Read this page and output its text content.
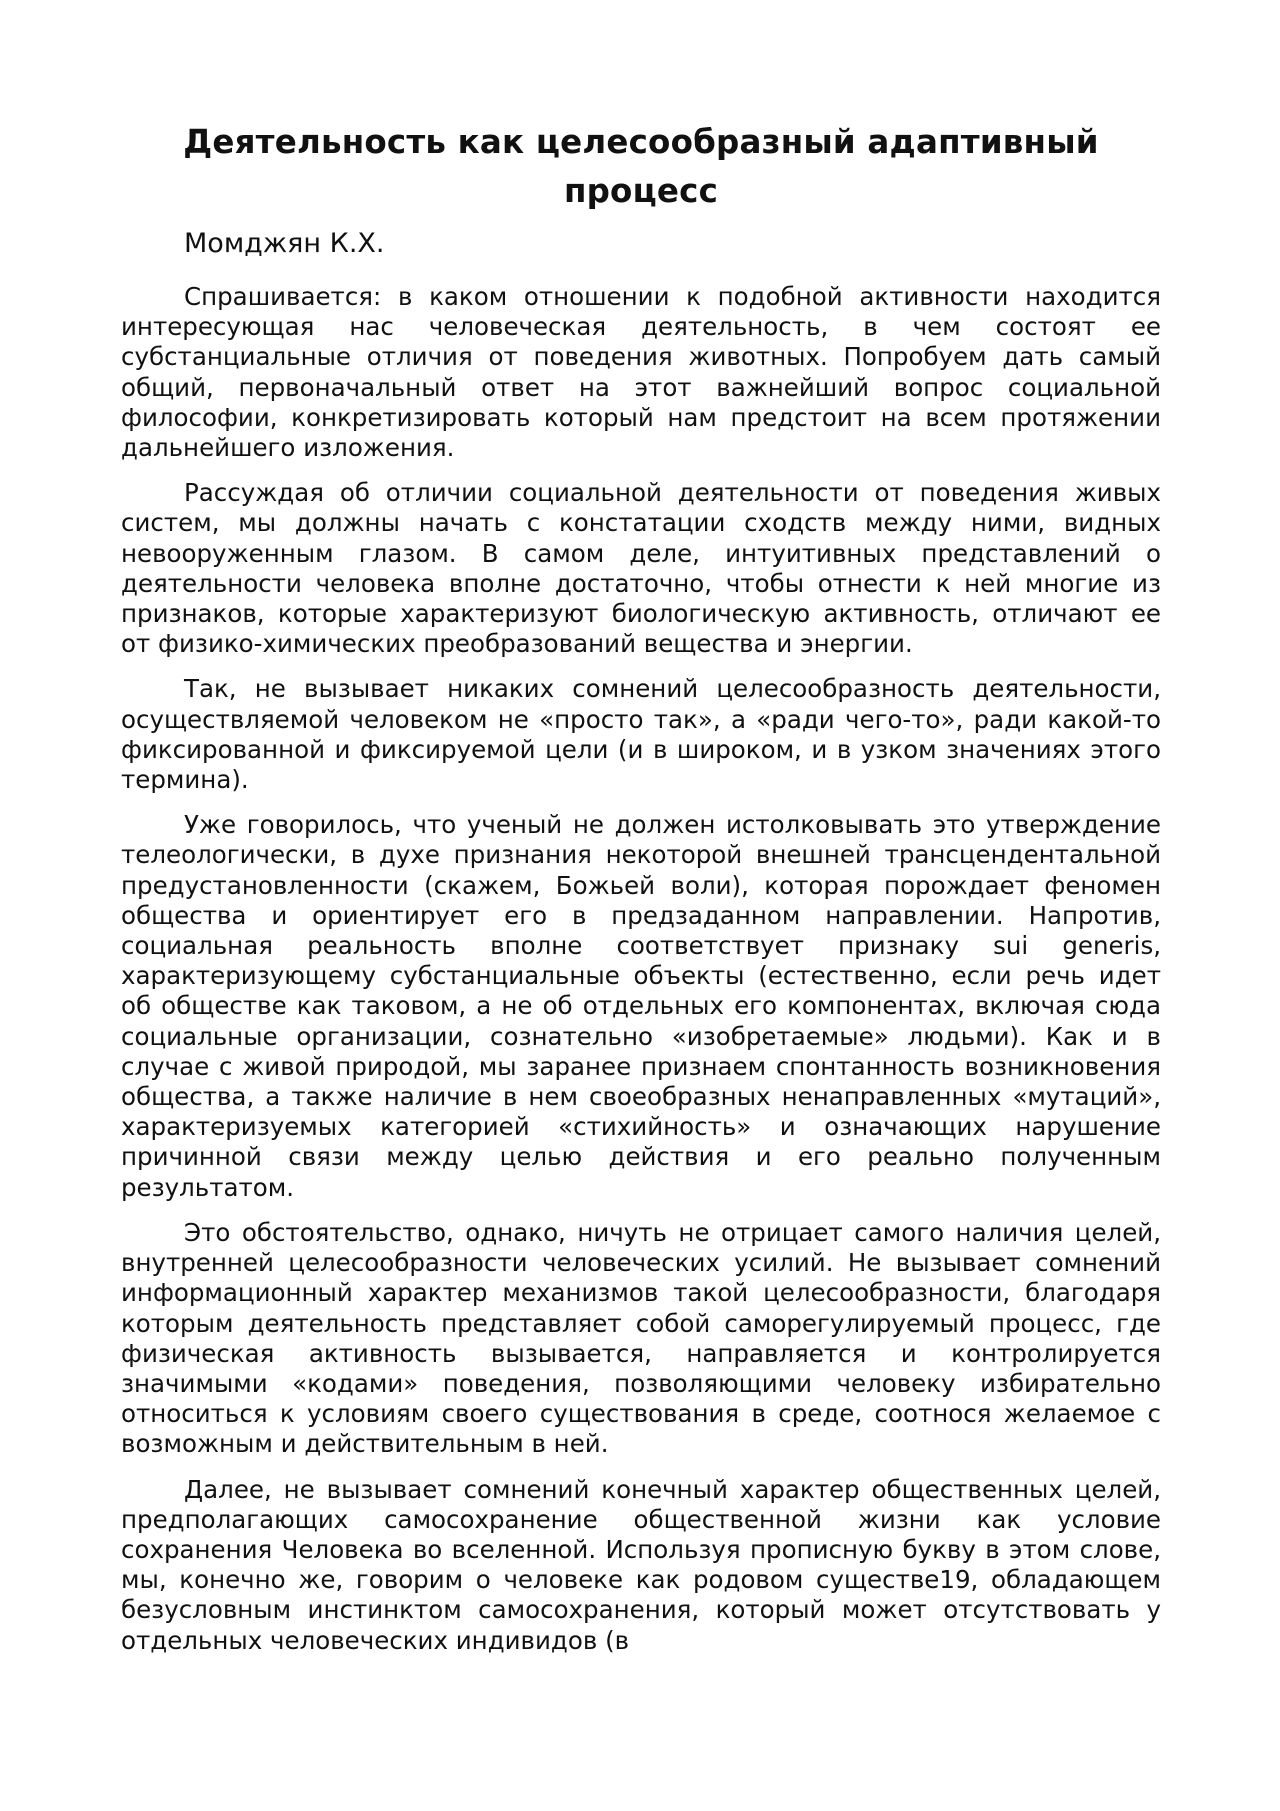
Деятельность как целесообразный адаптивный процесс
Момджян К.Х.

Спрашивается: в каком отношении к подобной активности находится интересующая нас человеческая деятельность, в чем состоят ее субстанциальные отличия от поведения животных. Попробуем дать самый общий, первоначальный ответ на этот важнейший вопрос социальной философии, конкретизировать который нам предстоит на всем протяжении дальнейшего изложения.

Рассуждая об отличии социальной деятельности от поведения живых систем, мы должны начать с констатации сходств между ними, видных невооруженным глазом. В самом деле, интуитивных представлений о деятельности человека вполне достаточно, чтобы отнести к ней многие из признаков, которые характеризуют биологическую активность, отличают ее от физико-химических преобразований вещества и энергии.

Так, не вызывает никаких сомнений целесообразность деятельности, осуществляемой человеком не «просто так», а «ради чего-то», ради какой-то фиксированной и фиксируемой цели (и в широком, и в узком значениях этого термина).

Уже говорилось, что ученый не должен истолковывать это утверждение телеологически, в духе признания некоторой внешней трансцендентальной предустановленности (скажем, Божьей воли), которая порождает феномен общества и ориентирует его в предзаданном направлении. Напротив, социальная реальность вполне соответствует признаку sui generis, характеризующему субстанциальные объекты (естественно, если речь идет об обществе как таковом, а не об отдельных его компонентах, включая сюда социальные организации, сознательно «изобретаемые» людьми). Как и в случае с живой природой, мы заранее признаем спонтанность возникновения общества, а также наличие в нем своеобразных ненаправленных «мутаций», характеризуемых категорией «стихийность» и означающих нарушение причинной связи между целью действия и его реально полученным результатом.

Это обстоятельство, однако, ничуть не отрицает самого наличия целей, внутренней целесообразности человеческих усилий. Не вызывает сомнений информационный характер механизмов такой целесообразности, благодаря которым деятельность представляет собой саморегулируемый процесс, где физическая активность вызывается, направляется и контролируется значимыми «кодами» поведения, позволяющими человеку избирательно относиться к условиям своего существования в среде, соотнося желаемое с возможным и действительным в ней.

Далее, не вызывает сомнений конечный характер общественных целей, предполагающих самосохранение общественной жизни как условие сохранения Человека во вселенной. Используя прописную букву в этом слове, мы, конечно же, говорим о человеке как родовом существе19, обладающем безусловным инстинктом самосохранения, который может отсутствовать у отдельных человеческих индивидов (в
